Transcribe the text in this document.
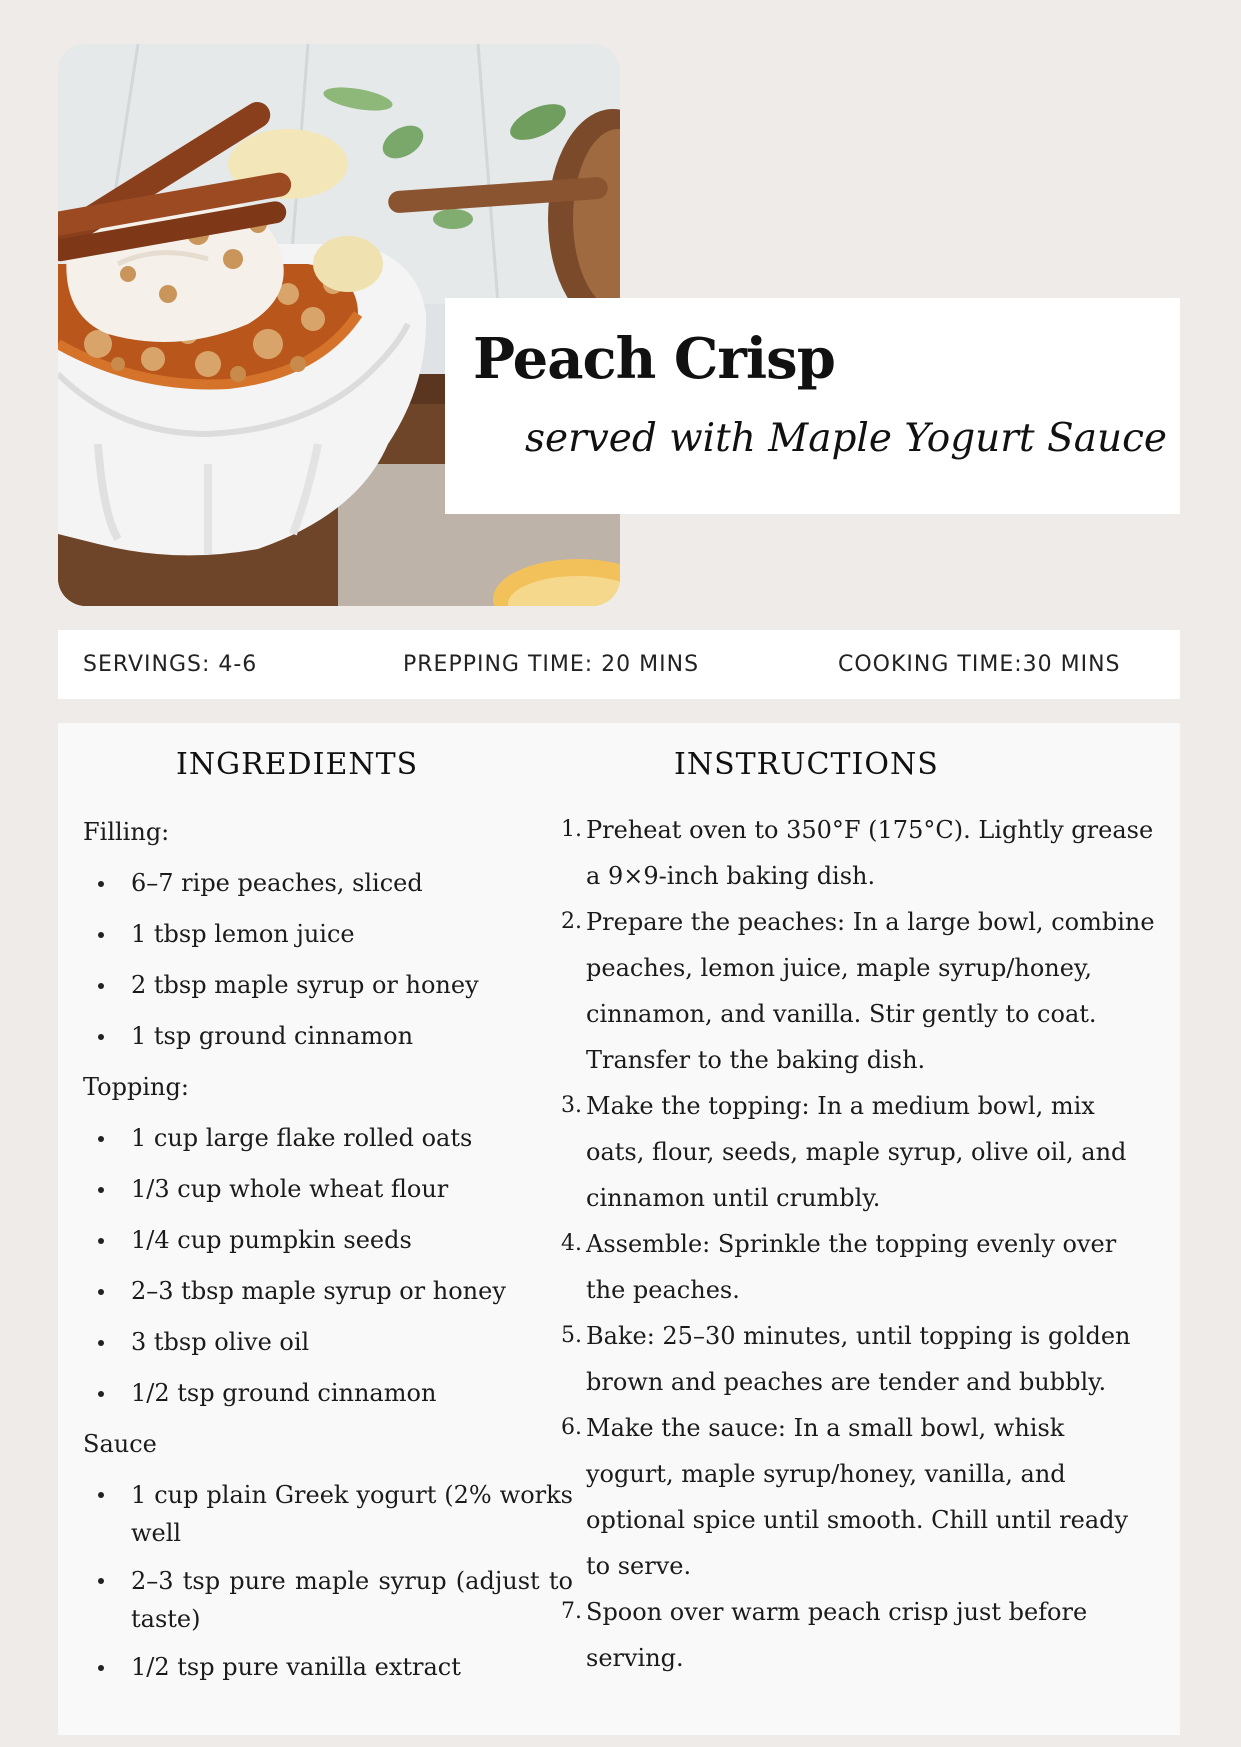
Peach Crisp

served with Maple Yogurt Sauce

SERVINGS: 4-6	PREPPING TIME: 20 MINS	COOKING TIME:30 MINS
INGREDIENTS	INSTRUCTIONS
Filling:
6–7 ripe peaches, sliced
1 tbsp lemon juice
2 tbsp maple syrup or honey
1 tsp ground cinnamon
Topping:
1 cup large flake rolled oats
1/3 cup whole wheat flour
1/4 cup pumpkin seeds
2–3 tbsp maple syrup or honey
3 tbsp olive oil
1/2 tsp ground cinnamon
Sauce
1 cup plain Greek yogurt (2% works well
2–3 tsp pure maple syrup (adjust to taste)
1/2 tsp pure vanilla extract
1. Preheat oven to 350°F (175°C). Lightly grease a 9×9-inch baking dish.
2. Prepare the peaches: In a large bowl, combine peaches, lemon juice, maple syrup/honey, cinnamon, and vanilla. Stir gently to coat. Transfer to the baking dish.
3. Make the topping: In a medium bowl, mix oats, flour, seeds, maple syrup, olive oil, and cinnamon until crumbly.
4. Assemble: Sprinkle the topping evenly over the peaches.
5. Bake: 25–30 minutes, until topping is golden brown and peaches are tender and bubbly.
6. Make the sauce: In a small bowl, whisk yogurt, maple syrup/honey, vanilla, and optional spice until smooth. Chill until ready to serve.
7. Spoon over warm peach crisp just before serving.
